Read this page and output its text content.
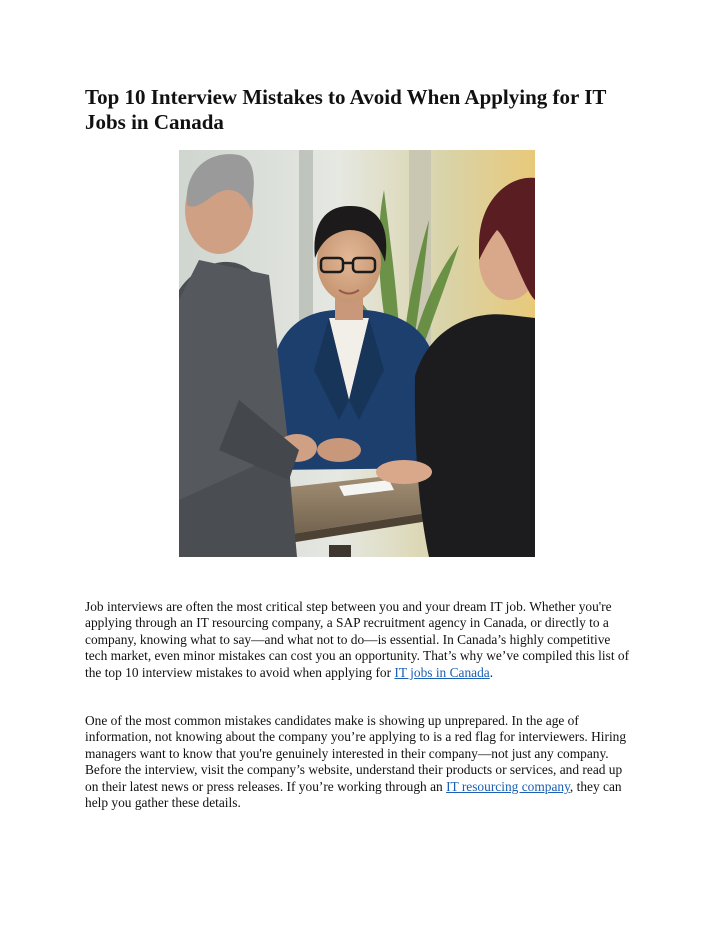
Top 10 Interview Mistakes to Avoid When Applying for IT Jobs in Canada

Job interviews are often the most critical step between you and your dream IT job. Whether you're applying through an IT resourcing company, a SAP recruitment agency in Canada, or directly to a company, knowing what to say—and what not to do—is essential. In Canada’s highly competitive tech market, even minor mistakes can cost you an opportunity. That’s why we’ve compiled this list of the top 10 interview mistakes to avoid when applying for IT jobs in Canada.

One of the most common mistakes candidates make is showing up unprepared. In the age of information, not knowing about the company you’re applying to is a red flag for interviewers. Hiring managers want to know that you're genuinely interested in their company—not just any company. Before the interview, visit the company’s website, understand their products or services, and read up on their latest news or press releases. If you’re working through an IT resourcing company, they can help you gather these details.
